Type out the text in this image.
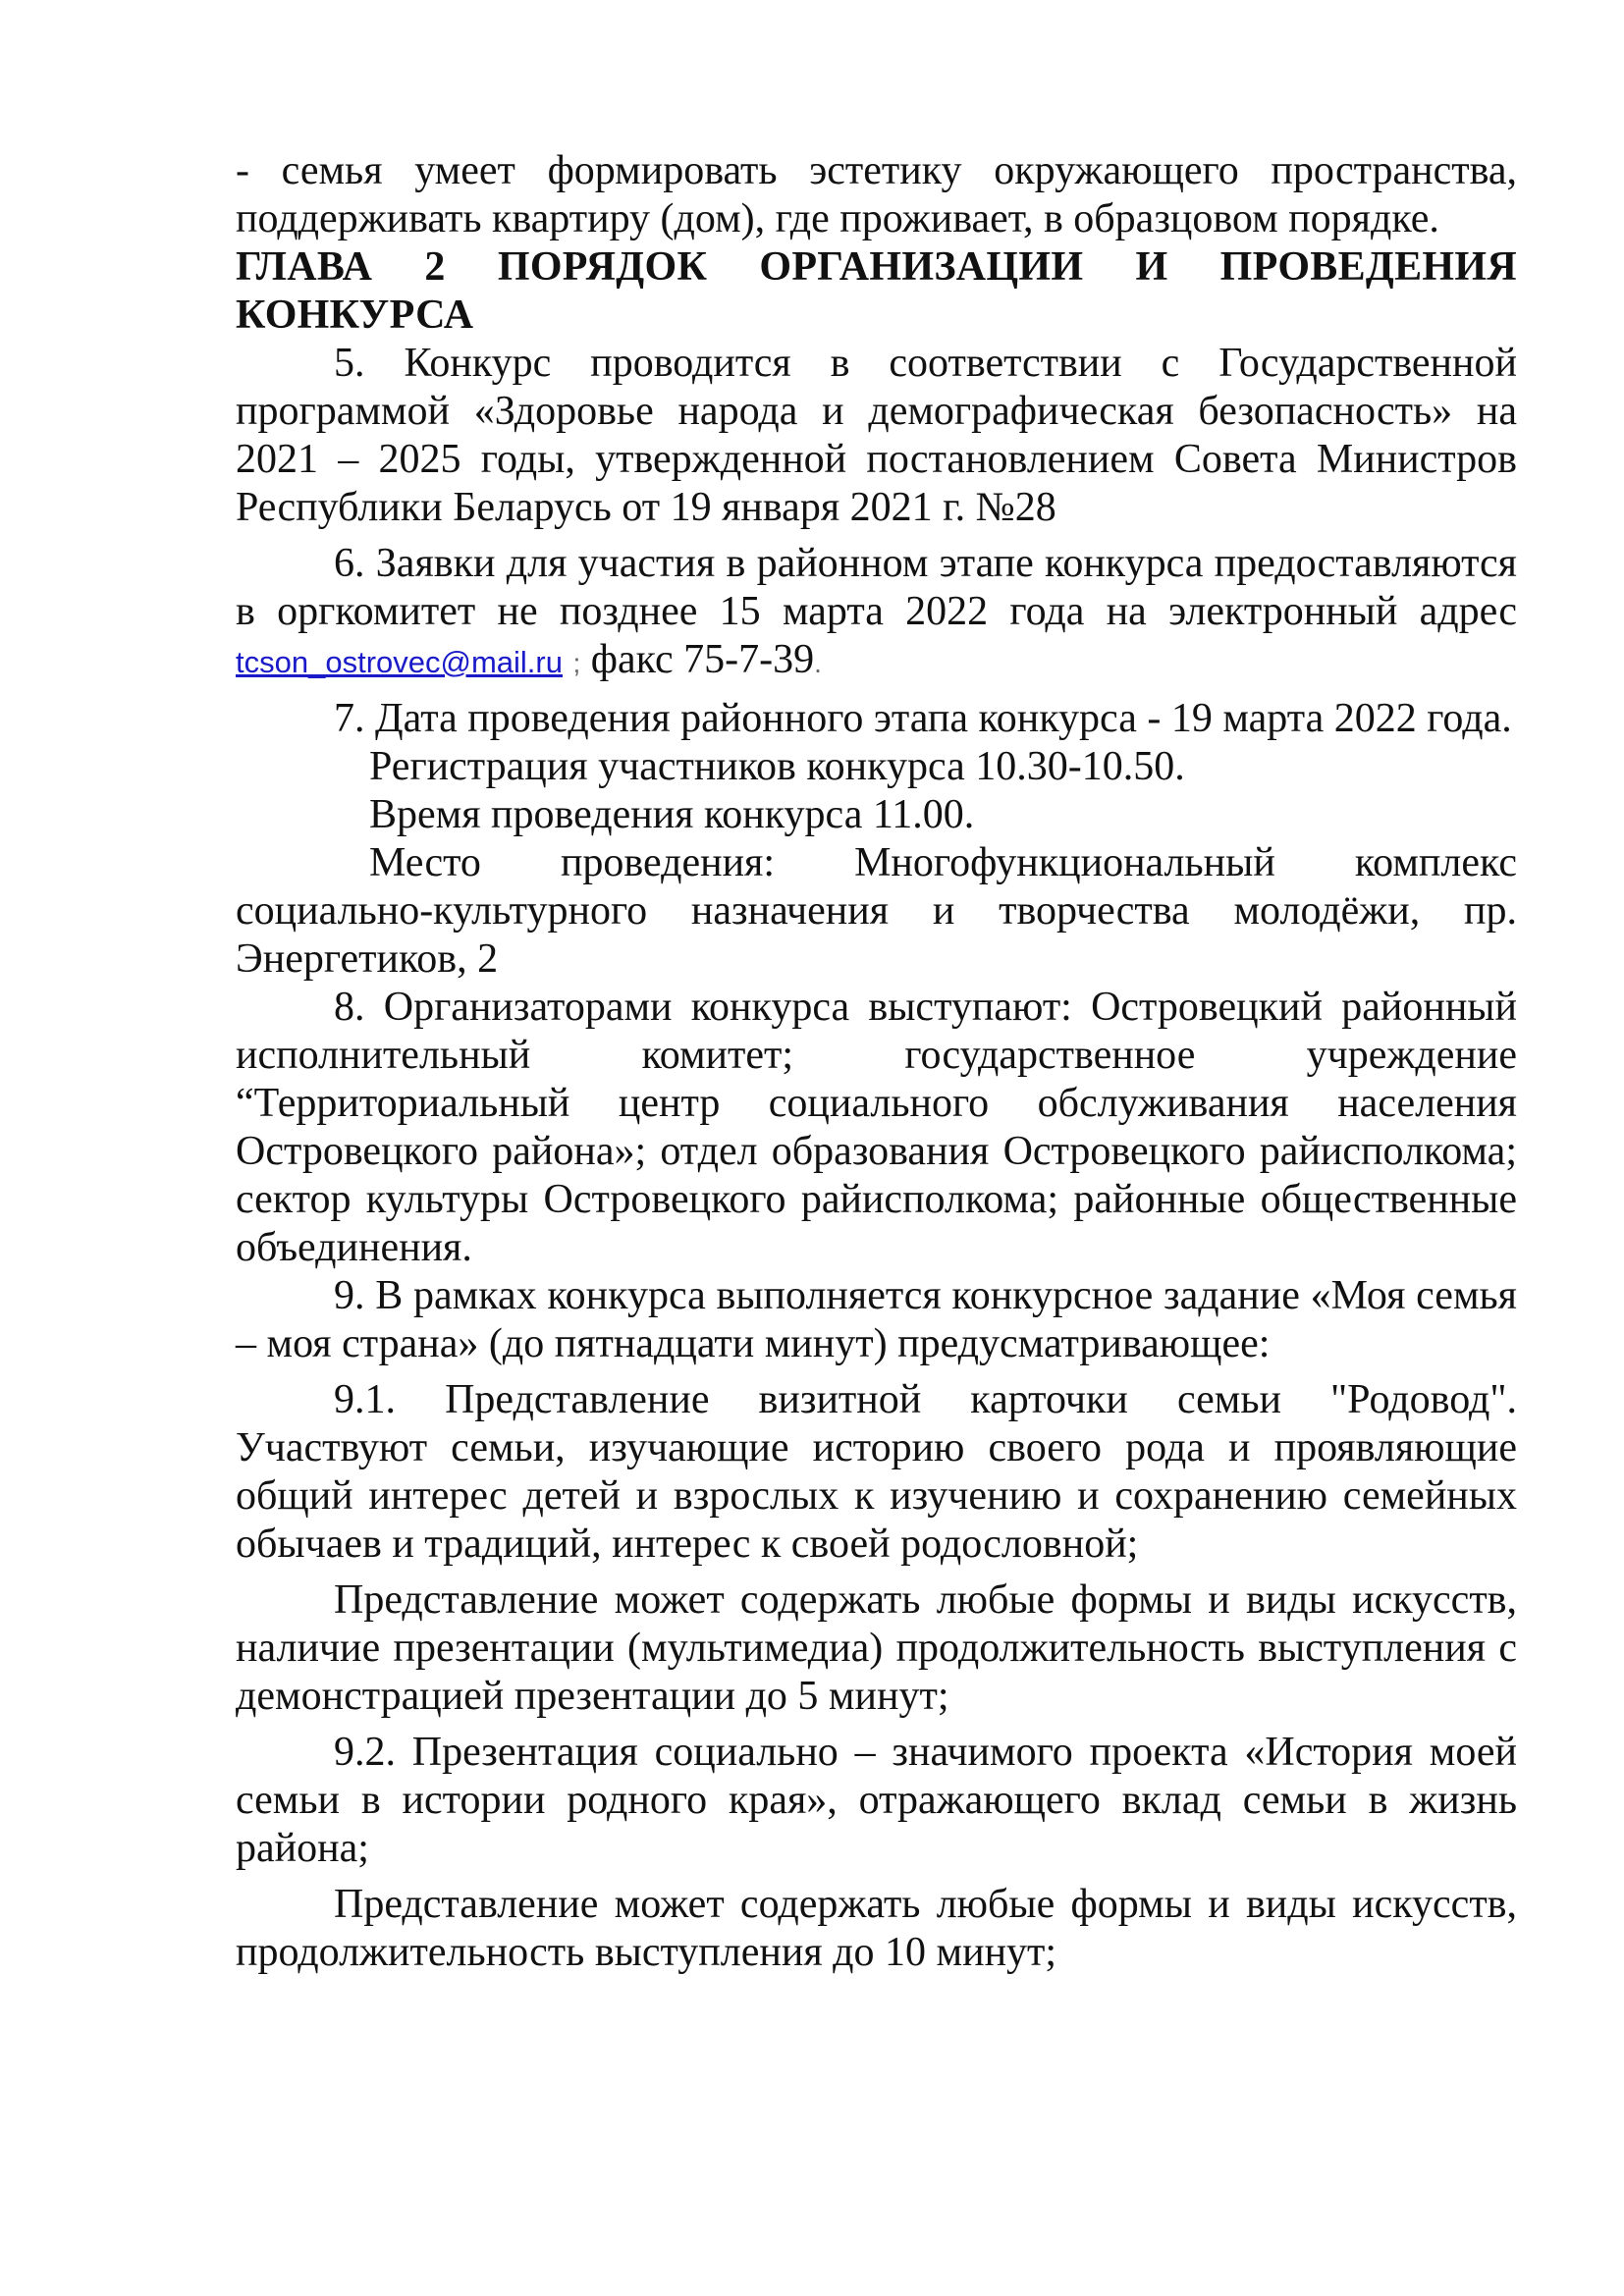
- семья умеет формировать эстетику окружающего пространства, поддерживать квартиру (дом), где проживает, в образцовом порядке.

ГЛАВА 2 ПОРЯДОК ОРГАНИЗАЦИИ И ПРОВЕДЕНИЯ КОНКУРСА

5. Конкурс проводится в соответствии с Государственной программой «Здоровье народа и демографическая безопасность» на 2021 – 2025 годы, утвержденной постановлением Совета Министров Республики Беларусь от 19 января 2021 г. №28

6. Заявки для участия в районном этапе конкурса предоставляются в оргкомитет не позднее 15 марта 2022 года на электронный адрес tcson_ostrovec@mail.ru ; факс 75-7-39.

7. Дата проведения районного этапа конкурса - 19 марта 2022 года.

Регистрация участников конкурса 10.30-10.50.

Время проведения конкурса 11.00.

Место проведения: Многофункциональный комплекс социально-культурного назначения и творчества молодёжи, пр. Энергетиков, 2

8. Организаторами конкурса выступают: Островецкий районный исполнительный комитет; государственное учреждение “Территориальный центр социального обслуживания населения Островецкого района»; отдел образования Островецкого райисполкома; сектор культуры Островецкого райисполкома; районные общественные объединения.

9. В рамках конкурса выполняется конкурсное задание «Моя семья – моя страна» (до пятнадцати минут) предусматривающее:

9.1. Представление визитной карточки семьи "Родовод". Участвуют семьи, изучающие историю своего рода и проявляющие общий интерес детей и взрослых к изучению и сохранению семейных обычаев и традиций, интерес к своей родословной;

Представление может содержать любые формы и виды искусств, наличие презентации (мультимедиа) продолжительность выступления с демонстрацией презентации до 5 минут;

9.2. Презентация социально – значимого проекта «История моей семьи в истории родного края», отражающего вклад семьи в жизнь района;

Представление может содержать любые формы и виды искусств, продолжительность выступления до 10 минут;
